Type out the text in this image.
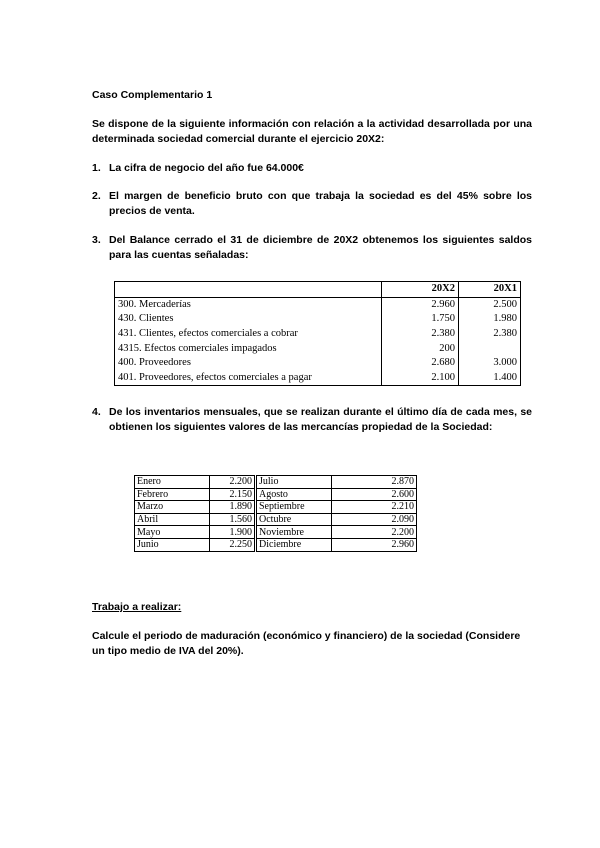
Caso Complementario 1
Se dispone de la siguiente información con relación a la actividad desarrollada por una determinada sociedad comercial durante el ejercicio 20X2:
1. La cifra de negocio del año fue 64.000€
2. El margen de beneficio bruto con que trabaja la sociedad es del 45% sobre los precios de venta.
3. Del Balance cerrado el 31 de diciembre de 20X2 obtenemos los siguientes saldos para las cuentas señaladas:
	20X2	20X1
300. Mercaderías	2.960	2.500
430. Clientes	1.750	1.980
431. Clientes, efectos comerciales a cobrar	2.380	2.380
4315. Efectos comerciales impagados	200	
400. Proveedores	2.680	3.000
401. Proveedores, efectos comerciales a pagar	2.100	1.400
4. De los inventarios mensuales, que se realizan durante el último día de cada mes, se obtienen los siguientes valores de las mercancías propiedad de la Sociedad:
Enero	2.200	Julio	2.870
Febrero	2.150	Agosto	2.600
Marzo	1.890	Septiembre	2.210
Abril	1.560	Octubre	2.090
Mayo	1.900	Noviembre	2.200
Junio	2.250	Diciembre	2.960
Trabajo a realizar:
Calcule el periodo de maduración (económico y financiero) de la sociedad (Considere un tipo medio de IVA del 20%).
